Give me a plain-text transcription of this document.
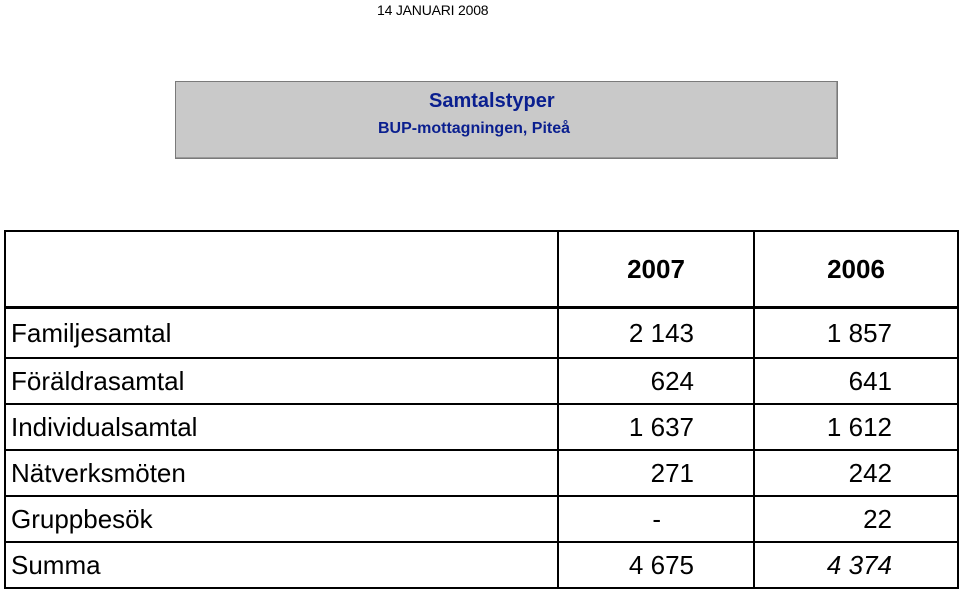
14 JANUARI 2008
Samtalstyper
BUP-mottagningen, Piteå
	2007	2006
Familjesamtal	2 143	1 857
Föräldrasamtal	624	641
Individualsamtal	1 637	1 612
Nätverksmöten	271	242
Gruppbesök	-	22
Summa	4 675	4 374
